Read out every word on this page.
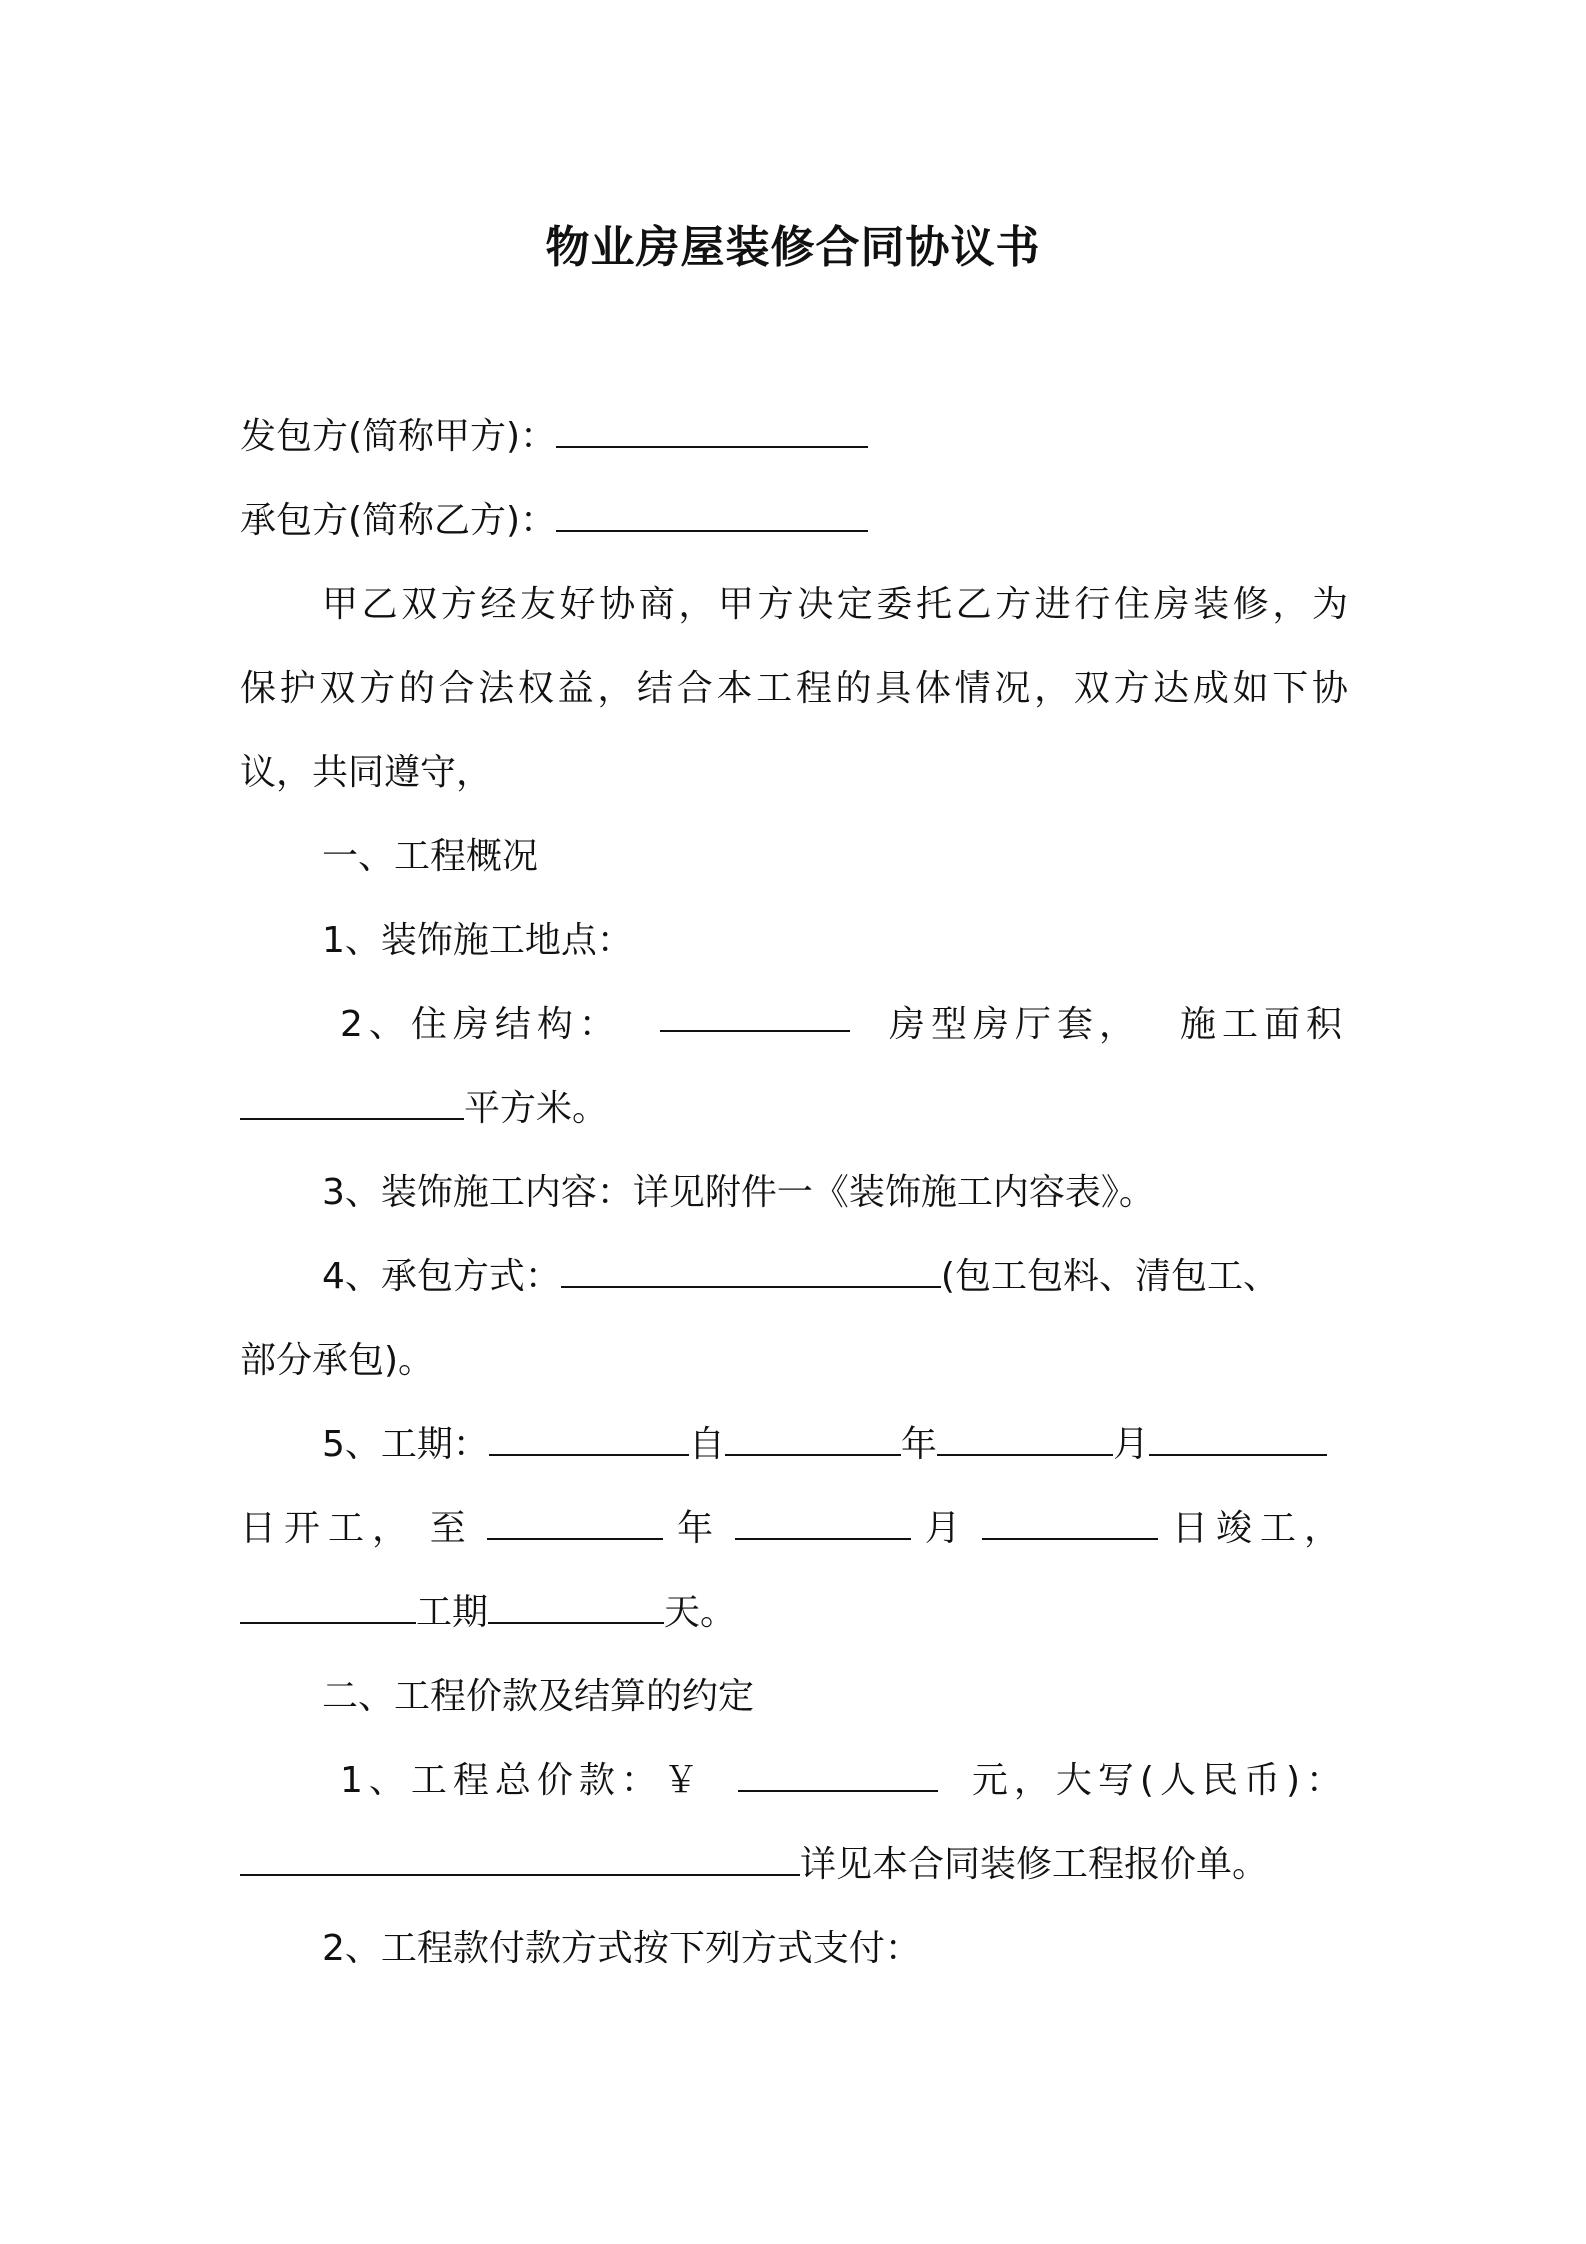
物业房屋装修合同协议书
发包方(简称甲方)：
承包方(简称乙方)：
甲乙双方经友好协商，甲方决定委托乙方进行住房装修，为
保护双方的合法权益，结合本工程的具体情况，双方达成如下协
议，共同遵守，
一、工程概况
1、装饰施工地点：
2、住房结构：	房型房厅套， 施工面积
平方米。
3、装饰施工内容：详见附件一《装饰施工内容表》。
4、承包方式：	(包工包料、清包工、
部分承包)。
5、工期：	自	年	月
日开工， 至	年	月	日竣工，
工期	天。
二、工程价款及结算的约定
1、工程总价款：￥	元，大写(人民币)：
详见本合同装修工程报价单。
2、工程款付款方式按下列方式支付：
